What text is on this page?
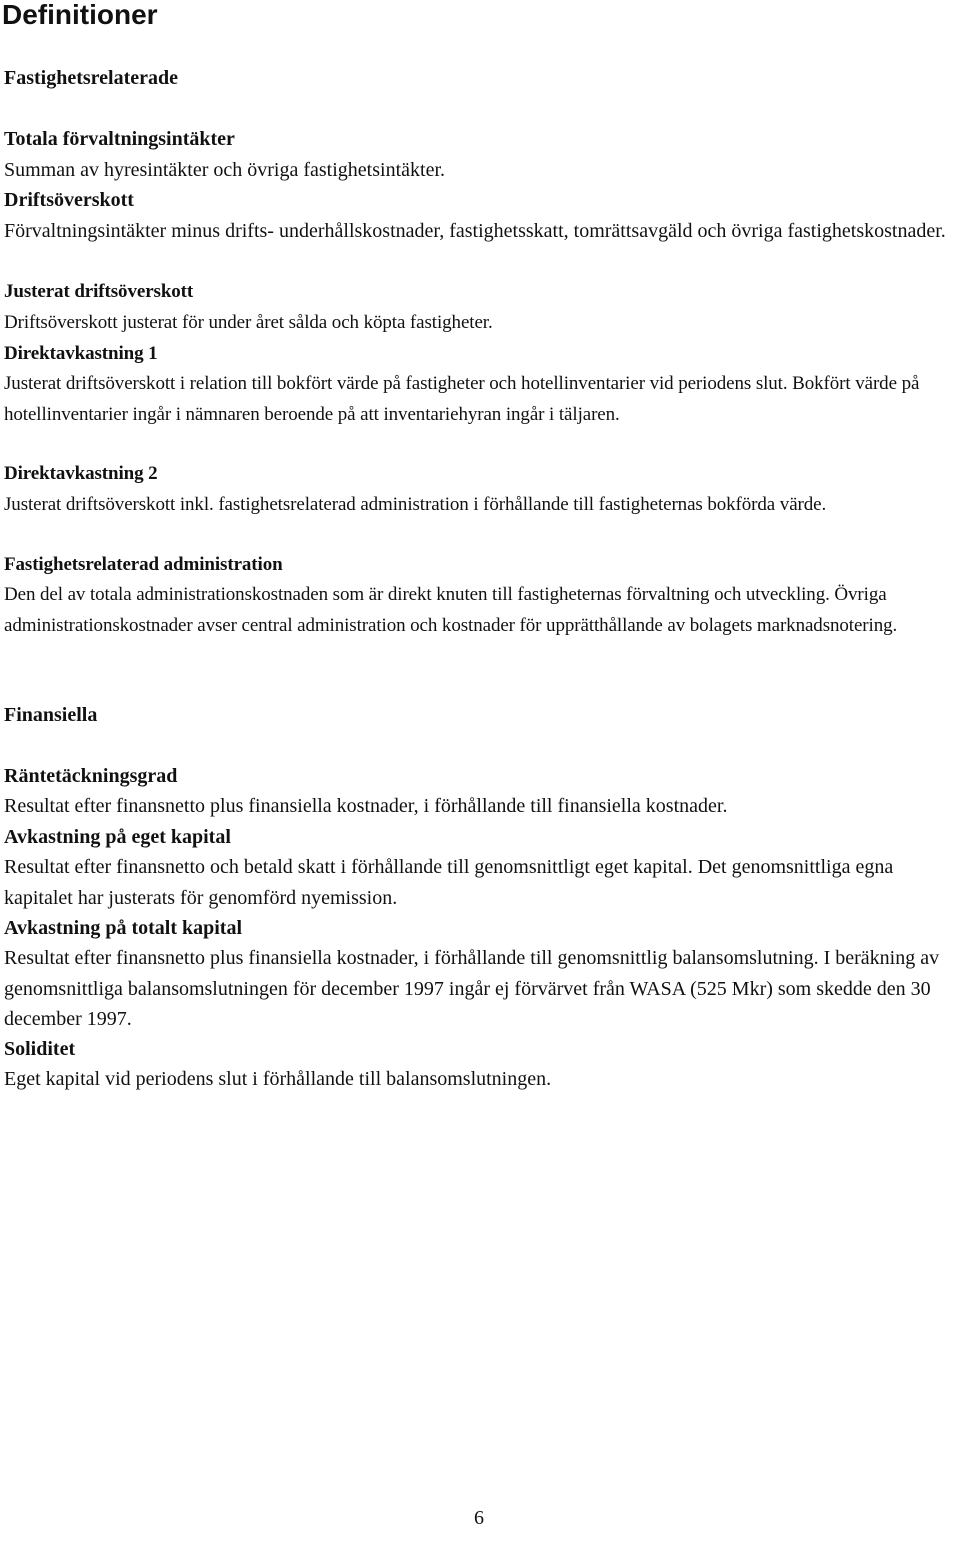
Definitioner
Fastighetsrelaterade
Totala förvaltningsintäkter
Summan av hyresintäkter och övriga fastighetsintäkter.
Driftsöverskott
Förvaltningsintäkter minus drifts- underhållskostnader, fastighetsskatt, tomrättsavgäld och övriga fastighetskostnader.
Justerat driftsöverskott
Driftsöverskott justerat för under året sålda och köpta fastigheter.
Direktavkastning 1
Justerat driftsöverskott i relation till bokfört värde på fastigheter och hotellinventarier vid periodens slut. Bokfört värde på hotellinventarier ingår i nämnaren beroende på att inventariehyran ingår i täljaren.
Direktavkastning 2
Justerat driftsöverskott inkl. fastighetsrelaterad administration i förhållande till fastigheternas bokförda värde.
Fastighetsrelaterad administration
Den del av totala administrationskostnaden som är direkt knuten till fastigheternas förvaltning och utveckling. Övriga administrationskostnader avser central administration och kostnader för upprätthållande av bolagets marknadsnotering.
Finansiella
Räntetäckningsgrad
Resultat efter finansnetto plus finansiella kostnader, i förhållande till finansiella kostnader.
Avkastning på eget kapital
Resultat efter finansnetto och betald skatt i förhållande till genomsnittligt eget kapital. Det genomsnittliga egna kapitalet har justerats för genomförd nyemission.
Avkastning på totalt kapital
Resultat efter finansnetto plus finansiella kostnader, i förhållande till genomsnittlig balansomslutning. I beräkning av genomsnittliga balansomslutningen för december 1997 ingår ej förvärvet från WASA (525 Mkr) som skedde den 30 december 1997.
Soliditet
Eget kapital vid periodens slut i förhållande till balansomslutningen.
6
